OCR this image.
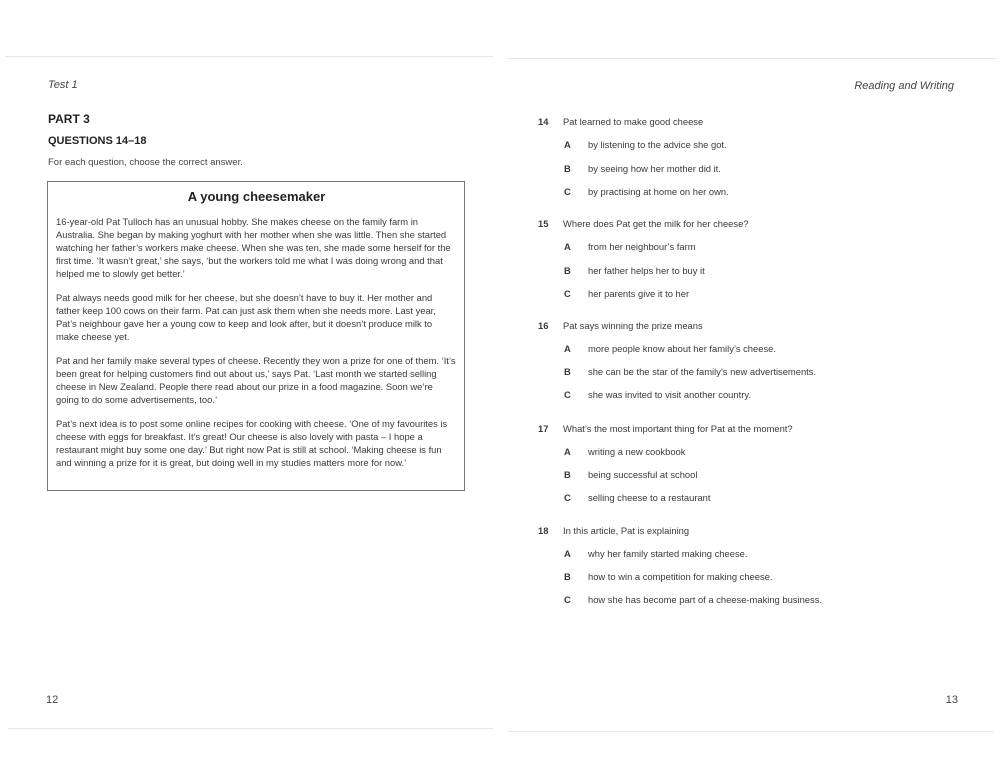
Test 1
PART 3
QUESTIONS 14–18
For each question, choose the correct answer.
A young cheesemaker

16-year-old Pat Tulloch has an unusual hobby. She makes cheese on the family farm in Australia. She began by making yoghurt with her mother when she was little. Then she started watching her father’s workers make cheese. When she was ten, she made some herself for the first time. ‘It wasn’t great,’ she says, ‘but the workers told me what I was doing wrong and that helped me to slowly get better.’

Pat always needs good milk for her cheese, but she doesn’t have to buy it. Her mother and father keep 100 cows on their farm. Pat can just ask them when she needs more. Last year, Pat’s neighbour gave her a young cow to keep and look after, but it doesn’t produce milk to make cheese yet.

Pat and her family make several types of cheese. Recently they won a prize for one of them. ‘It’s been great for helping customers find out about us,’ says Pat. ‘Last month we started selling cheese in New Zealand. People there read about our prize in a food magazine. Soon we’re going to do some advertisements, too.’

Pat’s next idea is to post some online recipes for cooking with cheese. ‘One of my favourites is cheese with eggs for breakfast. It’s great! Our cheese is also lovely with pasta – I hope a restaurant might buy some one day.’ But right now Pat is still at school. ‘Making cheese is fun and winning a prize for it is great, but doing well in my studies matters more for now.’

12
Reading and Writing
14 Pat learned to make good cheese
A by listening to the advice she got.
B by seeing how her mother did it.
C by practising at home on her own.
15 Where does Pat get the milk for her cheese?
A from her neighbour’s farm
B her father helps her to buy it
C her parents give it to her
16 Pat says winning the prize means
A more people know about her family’s cheese.
B she can be the star of the family’s new advertisements.
C she was invited to visit another country.
17 What’s the most important thing for Pat at the moment?
A writing a new cookbook
B being successful at school
C selling cheese to a restaurant
18 In this article, Pat is explaining
A why her family started making cheese.
B how to win a competition for making cheese.
C how she has become part of a cheese-making business.
13
